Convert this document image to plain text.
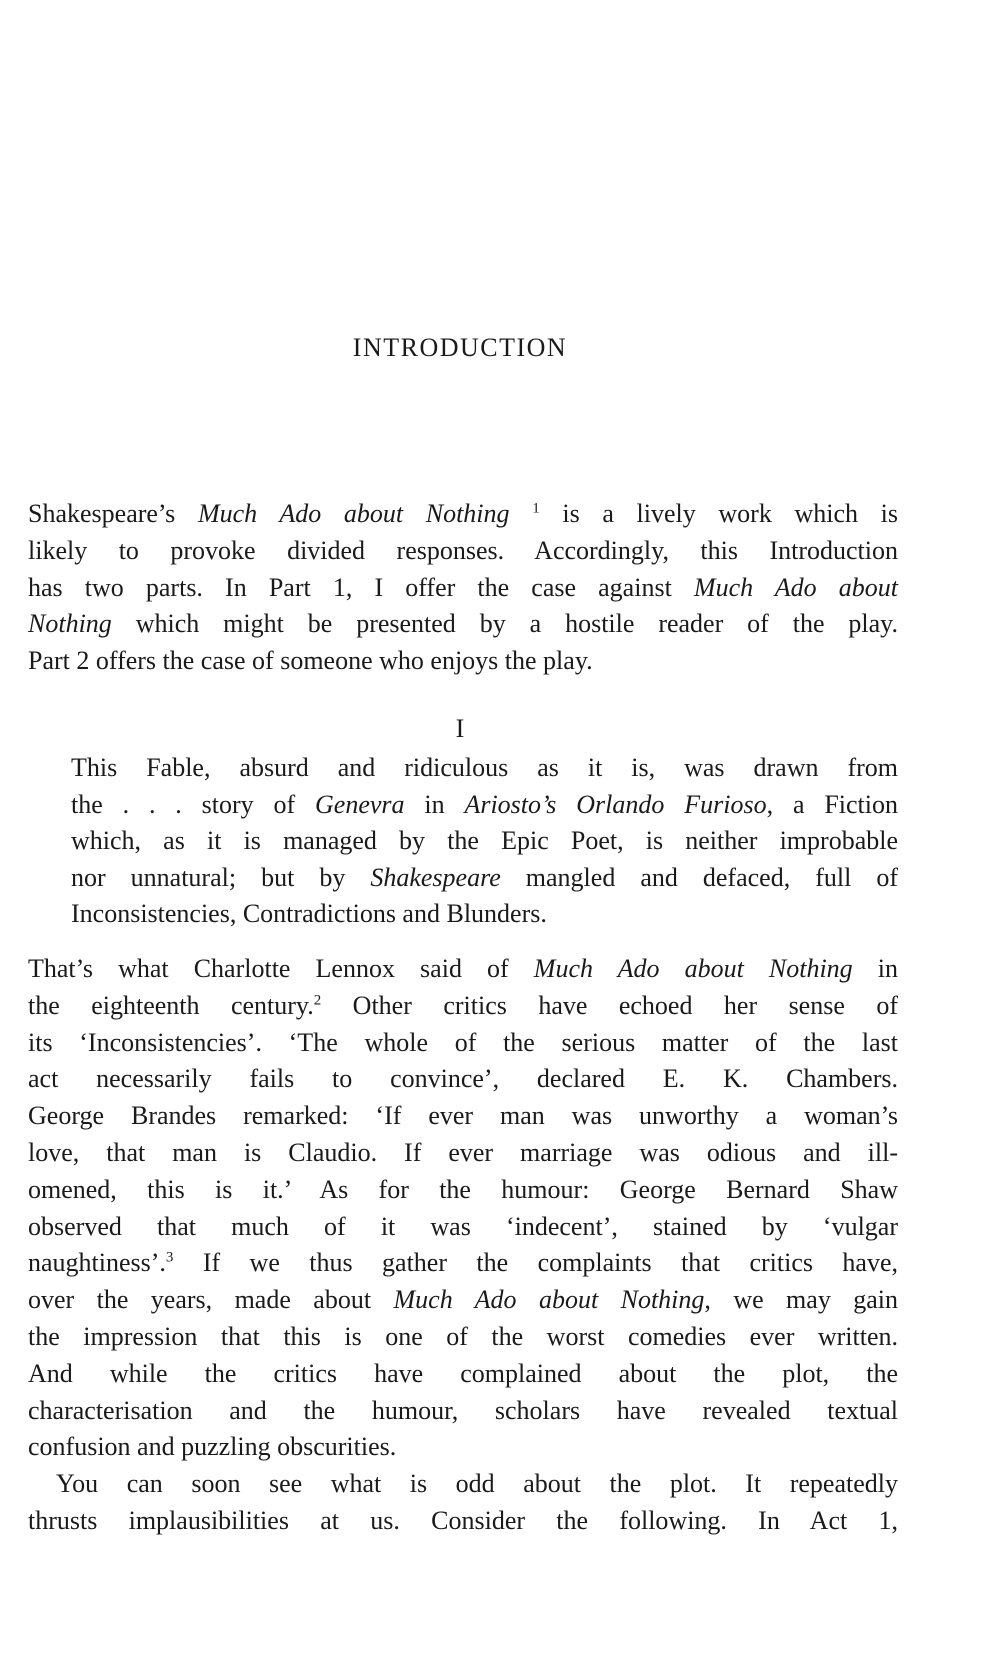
INTRODUCTION
Shakespeare’s Much Ado about Nothing $^1$ is a lively work which is
likely to provoke divided responses. Accordingly, this Introduction
has two parts. In Part 1, I offer the case against Much Ado about
Nothing which might be presented by a hostile reader of the play.
Part 2 offers the case of someone who enjoys the play.
I
This Fable, absurd and ridiculous as it is, was drawn from
the . . . story of Genevra in Ariosto’s Orlando Furioso, a Fiction
which, as it is managed by the Epic Poet, is neither improbable
nor unnatural; but by Shakespeare mangled and defaced, full of
Inconsistencies, Contradictions and Blunders.
That’s what Charlotte Lennox said of Much Ado about Nothing in
the eighteenth century.$^2$ Other critics have echoed her sense of
its ‘Inconsistencies’. ‘The whole of the serious matter of the last
act necessarily fails to convince’, declared E. K. Chambers.
George Brandes remarked: ‘If ever man was unworthy a woman’s
love, that man is Claudio. If ever marriage was odious and ill-
omened, this is it.’ As for the humour: George Bernard Shaw
observed that much of it was ‘indecent’, stained by ‘vulgar
naughtiness’.$^3$ If we thus gather the complaints that critics have,
over the years, made about Much Ado about Nothing, we may gain
the impression that this is one of the worst comedies ever written.
And while the critics have complained about the plot, the
characterisation and the humour, scholars have revealed textual
confusion and puzzling obscurities.
You can soon see what is odd about the plot. It repeatedly
thrusts implausibilities at us. Consider the following. In Act 1,
